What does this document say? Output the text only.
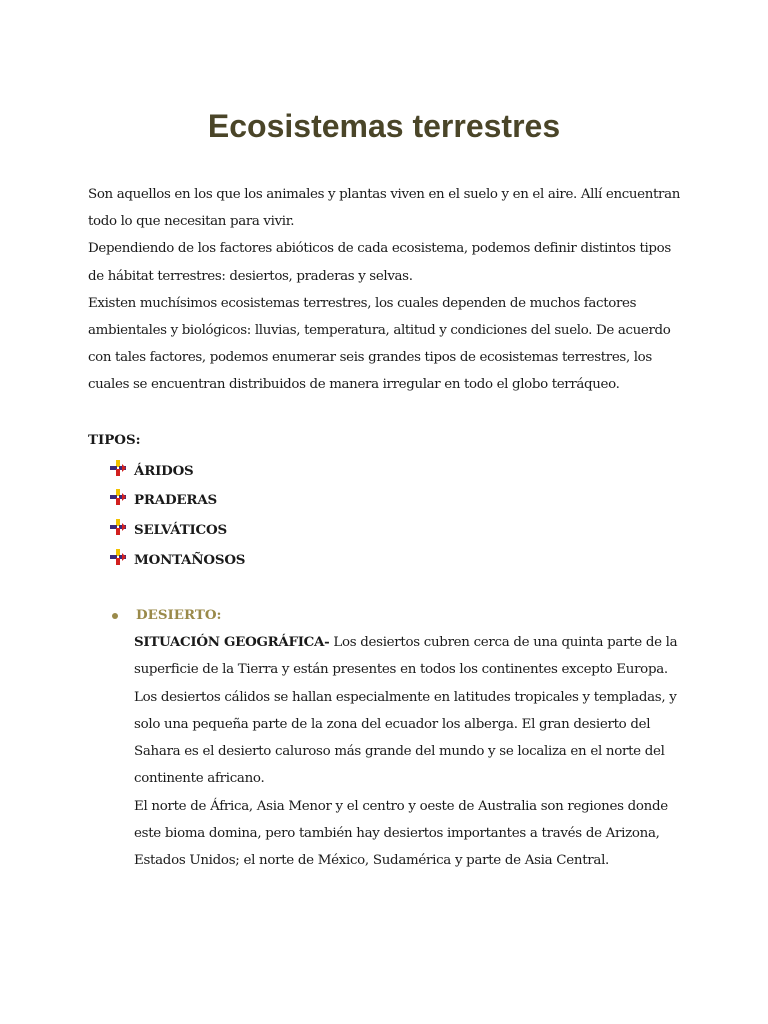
Ecosistemas terrestres

Son aquellos en los que los animales y plantas viven en el suelo y en el aire. Allí encuentran todo lo que necesitan para vivir.

Dependiendo de los factores abióticos de cada ecosistema, podemos definir distintos tipos de hábitat terrestres: desiertos, praderas y selvas.

Existen muchísimos ecosistemas terrestres, los cuales dependen de muchos factores ambientales y biológicos: lluvias, temperatura, altitud y condiciones del suelo. De acuerdo con tales factores, podemos enumerar seis grandes tipos de ecosistemas terrestres, los cuales se encuentran distribuidos de manera irregular en todo el globo terráqueo.

TIPOS:

ÁRIDOS
PRADERAS
SELVÁTICOS
MONTAÑOSOS

DESIERTO:

SITUACIÓN GEOGRÁFICA- Los desiertos cubren cerca de una quinta parte de la superficie de la Tierra y están presentes en todos los continentes excepto Europa. Los desiertos cálidos se hallan especialmente en latitudes tropicales y templadas, y solo una pequeña parte de la zona del ecuador los alberga. El gran desierto del Sahara es el desierto caluroso más grande del mundo y se localiza en el norte del continente africano.

El norte de África, Asia Menor y el centro y oeste de Australia son regiones donde este bioma domina, pero también hay desiertos importantes a través de Arizona, Estados Unidos; el norte de México, Sudamérica y parte de Asia Central.
